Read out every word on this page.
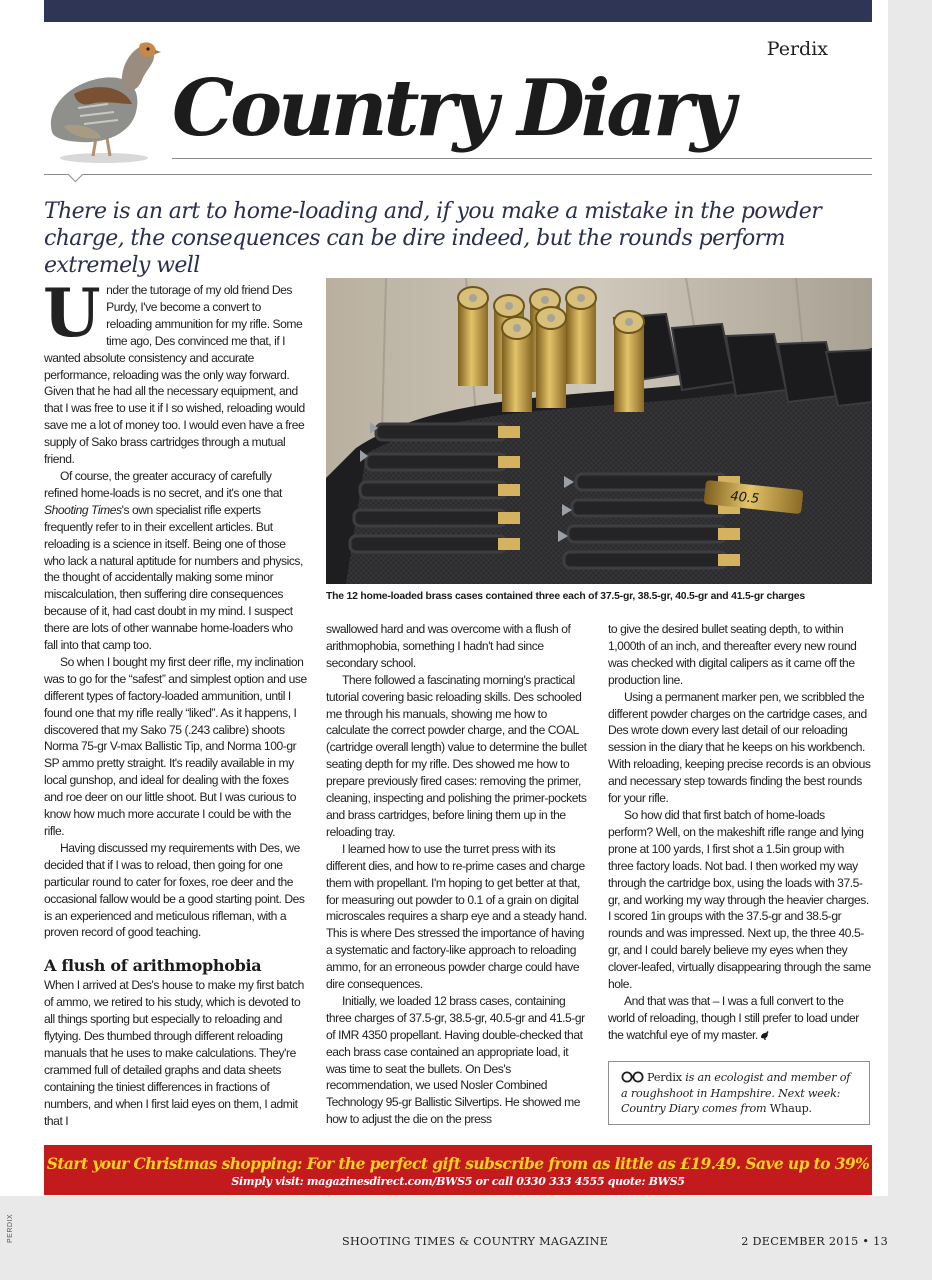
Perdix
Country Diary
There is an art to home-loading and, if you make a mistake in the powder charge, the consequences can be dire indeed, but the rounds perform extremely well

Under the tutorage of my old friend Des Purdy, I've become a convert to reloading ammunition for my rifle. Some time ago, Des convinced me that, if I wanted absolute consistency and accurate performance, reloading was the only way forward. Given that he had all the necessary equipment, and that I was free to use it if I so wished, reloading would save me a lot of money too. I would even have a free supply of Sako brass cartridges through a mutual friend.

Of course, the greater accuracy of carefully refined home-loads is no secret, and it's one that Shooting Times's own specialist rifle experts frequently refer to in their excellent articles. But reloading is a science in itself. Being one of those who lack a natural aptitude for numbers and physics, the thought of accidentally making some minor miscalculation, then suffering dire consequences because of it, had cast doubt in my mind. I suspect there are lots of other wannabe home-loaders who fall into that camp too.

So when I bought my first deer rifle, my inclination was to go for the “safest” and simplest option and use different types of factory-loaded ammunition, until I found one that my rifle really “liked”. As it happens, I discovered that my Sako 75 (.243 calibre) shoots Norma 75-gr V-max Ballistic Tip, and Norma 100-gr SP ammo pretty straight. It's readily available in my local gunshop, and ideal for dealing with the foxes and roe deer on our little shoot. But I was curious to know how much more accurate I could be with the rifle.

Having discussed my requirements with Des, we decided that if I was to reload, then going for one particular round to cater for foxes, roe deer and the occasional fallow would be a good starting point. Des is an experienced and meticulous rifleman, with a proven record of good teaching.

A flush of arithmophobia

When I arrived at Des's house to make my first batch of ammo, we retired to his study, which is devoted to all things sporting but especially to reloading and flytying. Des thumbed through different reloading manuals that he uses to make calculations. They're crammed full of detailed graphs and data sheets containing the tiniest differences in fractions of numbers, and when I first laid eyes on them, I admit that I

40.5
The 12 home-loaded brass cases contained three each of 37.5-gr, 38.5-gr, 40.5-gr and 41.5-gr charges

swallowed hard and was overcome with a flush of arithmophobia, something I hadn't had since secondary school.

There followed a fascinating morning's practical tutorial covering basic reloading skills. Des schooled me through his manuals, showing me how to calculate the correct powder charge, and the COAL (cartridge overall length) value to determine the bullet seating depth for my rifle. Des showed me how to prepare previously fired cases: removing the primer, cleaning, inspecting and polishing the primer-pockets and brass cartridges, before lining them up in the reloading tray.

I learned how to use the turret press with its different dies, and how to re-prime cases and charge them with propellant. I'm hoping to get better at that, for measuring out powder to 0.1 of a grain on digital microscales requires a sharp eye and a steady hand. This is where Des stressed the importance of having a systematic and factory-like approach to reloading ammo, for an erroneous powder charge could have dire consequences.

Initially, we loaded 12 brass cases, containing three charges of 37.5-gr, 38.5-gr, 40.5-gr and 41.5-gr of IMR 4350 propellant. Having double-checked that each brass case contained an appropriate load, it was time to seat the bullets. On Des's recommendation, we used Nosler Combined Technology 95-gr Ballistic Silvertips. He showed me how to adjust the die on the press

to give the desired bullet seating depth, to within 1,000th of an inch, and thereafter every new round was checked with digital calipers as it came off the production line.

Using a permanent marker pen, we scribbled the different powder charges on the cartridge cases, and Des wrote down every last detail of our reloading session in the diary that he keeps on his workbench. With reloading, keeping precise records is an obvious and necessary step towards finding the best rounds for your rifle.

So how did that first batch of home-loads perform? Well, on the makeshift rifle range and lying prone at 100 yards, I first shot a 1.5in group with three factory loads. Not bad. I then worked my way through the cartridge box, using the loads with 37.5-gr, and working my way through the heavier charges. I scored 1in groups with the 37.5-gr and 38.5-gr rounds and was impressed. Next up, the three 40.5-gr, and I could barely believe my eyes when they clover-leafed, virtually disappearing through the same hole.

And that was that – I was a full convert to the world of reloading, though I still prefer to load under the watchful eye of my master.

Perdix is an ecologist and member of a roughshoot in Hampshire. Next week: Country Diary comes from Whaup.
Start your Christmas shopping: For the perfect gift subscribe from as little as £19.49. Save up to 39%
Simply visit: magazinesdirect.com/BWS5 or call 0330 333 4555 quote: BWS5
PERDIX	SHOOTING TIMES & COUNTRY MAGAZINE	2 DECEMBER 2015 • 13
